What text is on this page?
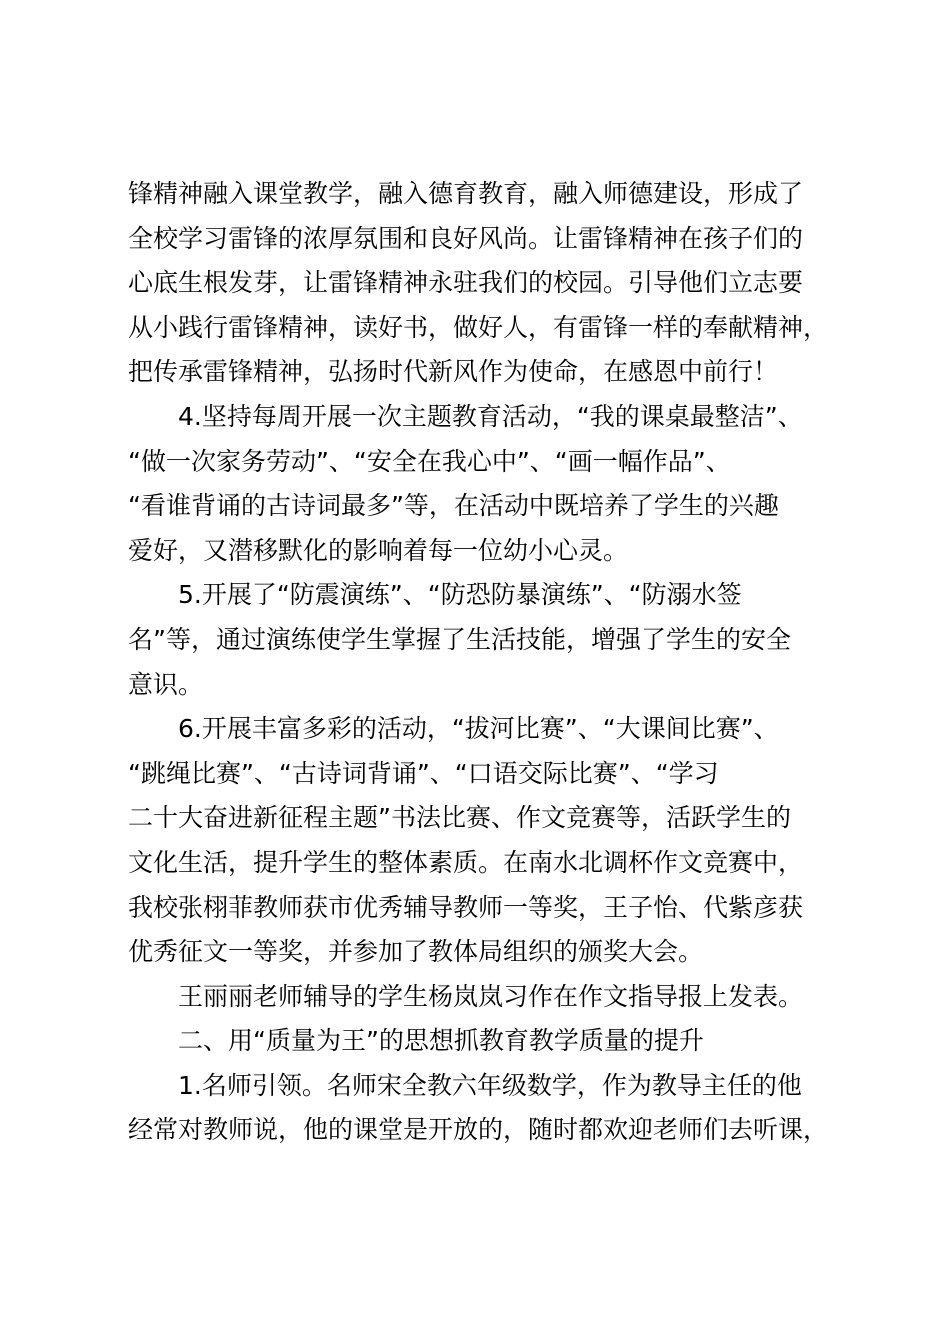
锋精神融入课堂教学，融入德育教育，融入师德建设，形成了
全校学习雷锋的浓厚氛围和良好风尚。让雷锋精神在孩子们的
心底生根发芽，让雷锋精神永驻我们的校园。引导他们立志要
从小践行雷锋精神，读好书，做好人，有雷锋一样的奉献精神，
把传承雷锋精神，弘扬时代新风作为使命，在感恩中前行！
4.坚持每周开展一次主题教育活动，“我的课桌最整洁”、
“做一次家务劳动”、“安全在我心中”、“画一幅作品”、
“看谁背诵的古诗词最多”等，在活动中既培养了学生的兴趣
爱好，又潜移默化的影响着每一位幼小心灵。
5.开展了“防震演练”、“防恐防暴演练”、“防溺水签
名”等，通过演练使学生掌握了生活技能，增强了学生的安全
意识。
6.开展丰富多彩的活动，“拔河比赛”、“大课间比赛”、
“跳绳比赛”、“古诗词背诵”、“口语交际比赛”、“学习
二十大奋进新征程主题”书法比赛、作文竞赛等，活跃学生的
文化生活，提升学生的整体素质。在南水北调杯作文竞赛中，
我校张栩菲教师获市优秀辅导教师一等奖，王子怡、代紫彦获
优秀征文一等奖，并参加了教体局组织的颁奖大会。
王丽丽老师辅导的学生杨岚岚习作在作文指导报上发表。
二、用“质量为王”的思想抓教育教学质量的提升
1.名师引领。名师宋全教六年级数学，作为教导主任的他
经常对教师说，他的课堂是开放的，随时都欢迎老师们去听课，
